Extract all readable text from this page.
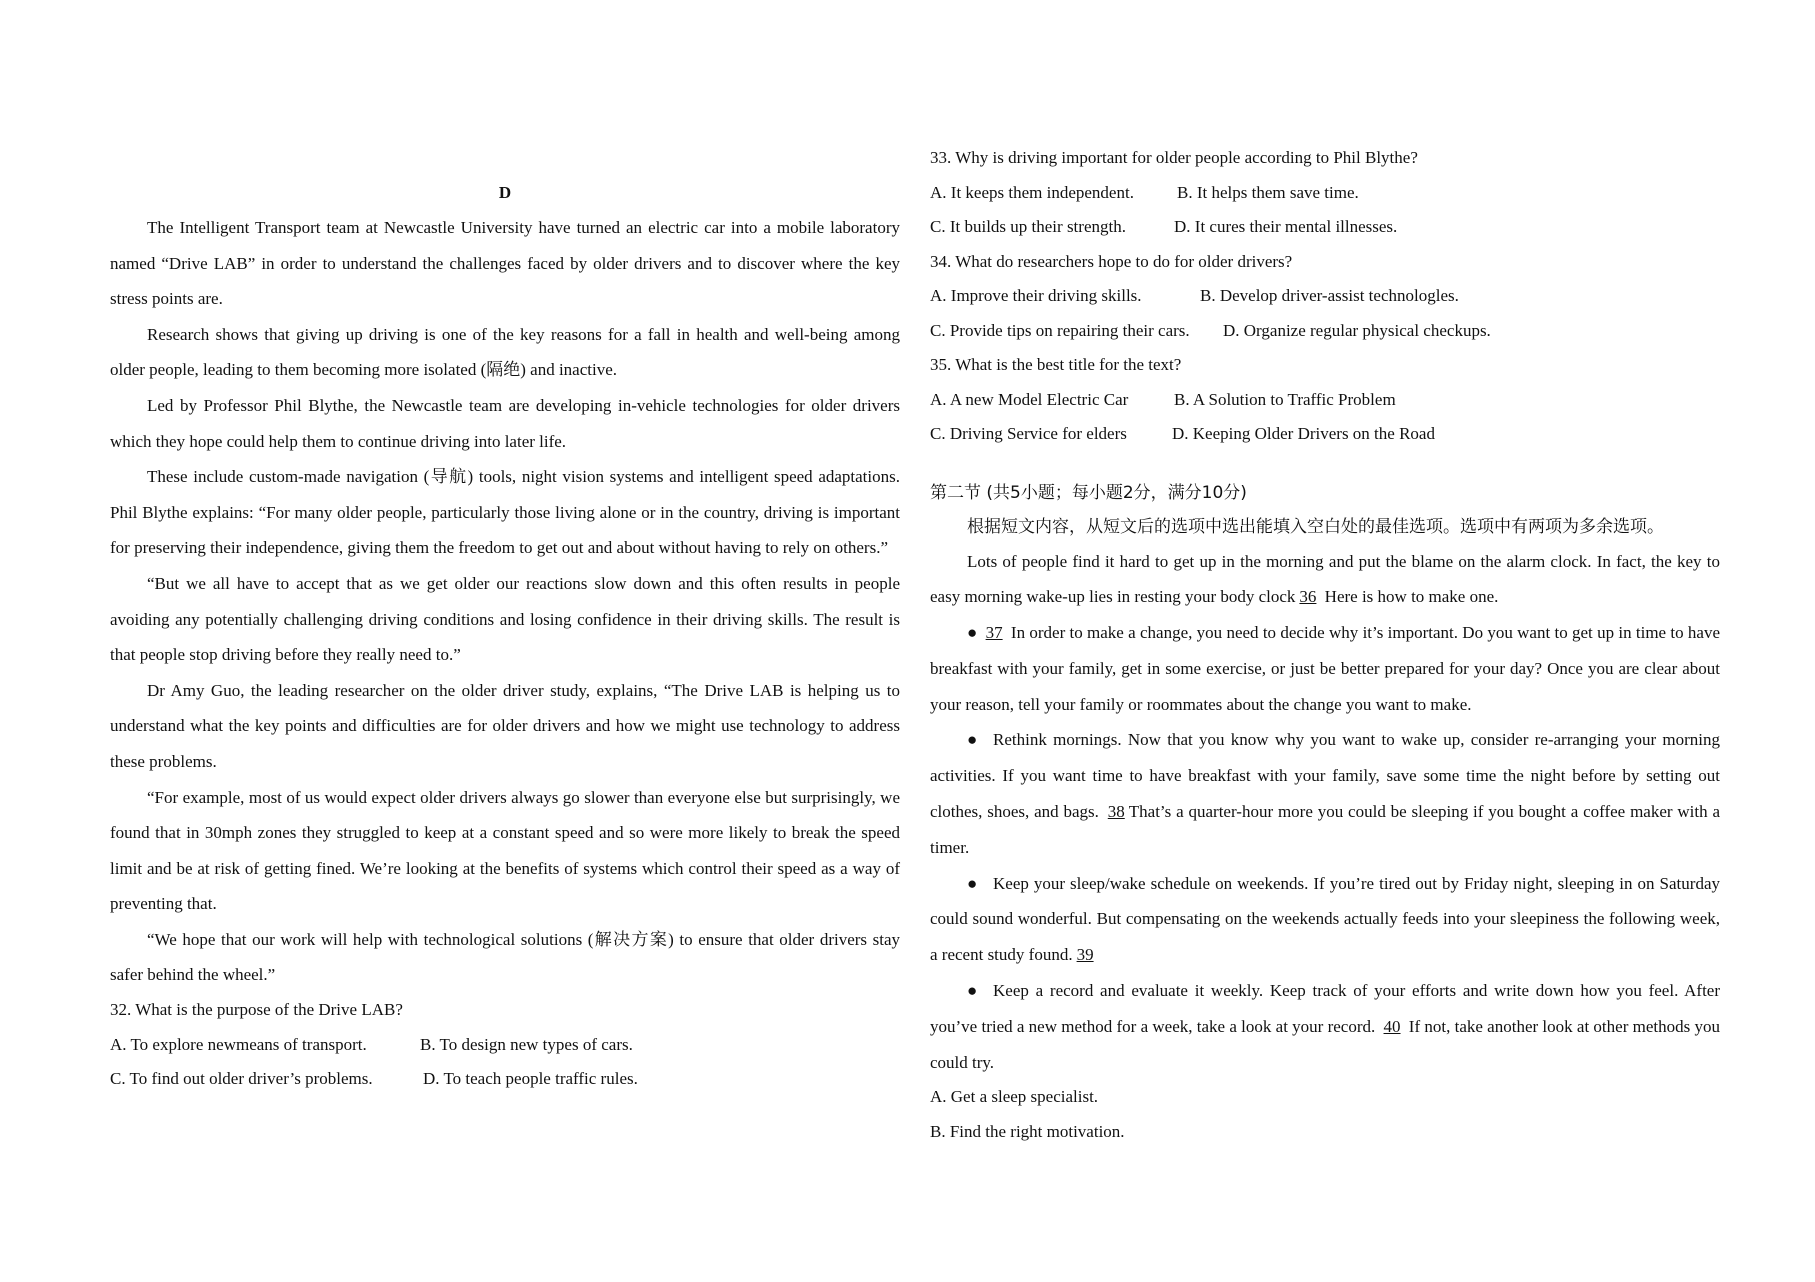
D

The Intelligent Transport team at Newcastle University have turned an electric car into a mobile laboratory named “Drive LAB” in order to understand the challenges faced by older drivers and to discover where the key stress points are.

Research shows that giving up driving is one of the key reasons for a fall in health and well-being among older people, leading to them becoming more isolated (隔绝) and inactive.

Led by Professor Phil Blythe, the Newcastle team are developing in-vehicle technologies for older drivers which they hope could help them to continue driving into later life.

These include custom-made navigation (导航) tools, night vision systems and intelligent speed adaptations. Phil Blythe explains: “For many older people, particularly those living alone or in the country, driving is important for preserving their independence, giving them the freedom to get out and about without having to rely on others.”

“But we all have to accept that as we get older our reactions slow down and this often results in people avoiding any potentially challenging driving conditions and losing confidence in their driving skills. The result is that people stop driving before they really need to.”

Dr Amy Guo, the leading researcher on the older driver study, explains, “The Drive LAB is helping us to understand what the key points and difficulties are for older drivers and how we might use technology to address these problems.

“For example, most of us would expect older drivers always go slower than everyone else but surprisingly, we found that in 30mph zones they struggled to keep at a constant speed and so were more likely to break the speed limit and be at risk of getting fined. We’re looking at the benefits of systems which control their speed as a way of preventing that.

“We hope that our work will help with technological solutions (解决方案) to ensure that older drivers stay safer behind the wheel.”

32. What is the purpose of the Drive LAB?

A. To explore newmeans of transport.	B. To design new types of cars.
C. To find out older driver’s problems.	D. To teach people traffic rules.

33. Why is driving important for older people according to Phil Blythe?

A. It keeps them independent.	B. It helps them save time.
C. It builds up their strength.	D. It cures their mental illnesses.

34. What do researchers hope to do for older drivers?

A. Improve their driving skills.	B. Develop driver-assist technologles.
C. Provide tips on repairing their cars.	D. Organize regular physical checkups.

35. What is the best title for the text?

A. A new Model Electric Car	B. A Solution to Traffic Problem
C. Driving Service for elders	D. Keeping Older Drivers on the Road
第二节 (共5小题；每小题2分，满分10分)

根据短文内容，从短文后的选项中选出能填入空白处的最佳选项。选项中有两项为多余选项。

Lots of people find it hard to get up in the morning and put the blame on the alarm clock. In fact, the key to easy morning wake-up lies in resting your body clock 36 Here is how to make one.

● 37 In order to make a change, you need to decide why it’s important. Do you want to get up in time to have breakfast with your family, get in some exercise, or just be better prepared for your day? Once you are clear about your reason, tell your family or roommates about the change you want to make.

● Rethink mornings. Now that you know why you want to wake up, consider re-arranging your morning activities. If you want time to have breakfast with your family, save some time the night before by setting out clothes, shoes, and bags. 38 That’s a quarter-hour more you could be sleeping if you bought a coffee maker with a timer.

● Keep your sleep/wake schedule on weekends. If you’re tired out by Friday night, sleeping in on Saturday could sound wonderful. But compensating on the weekends actually feeds into your sleepiness the following week, a recent study found. 39

● Keep a record and evaluate it weekly. Keep track of your efforts and write down how you feel. After you’ve tried a new method for a week, take a look at your record. 40 If not, take another look at other methods you could try.

A. Get a sleep specialist.

B. Find the right motivation.
